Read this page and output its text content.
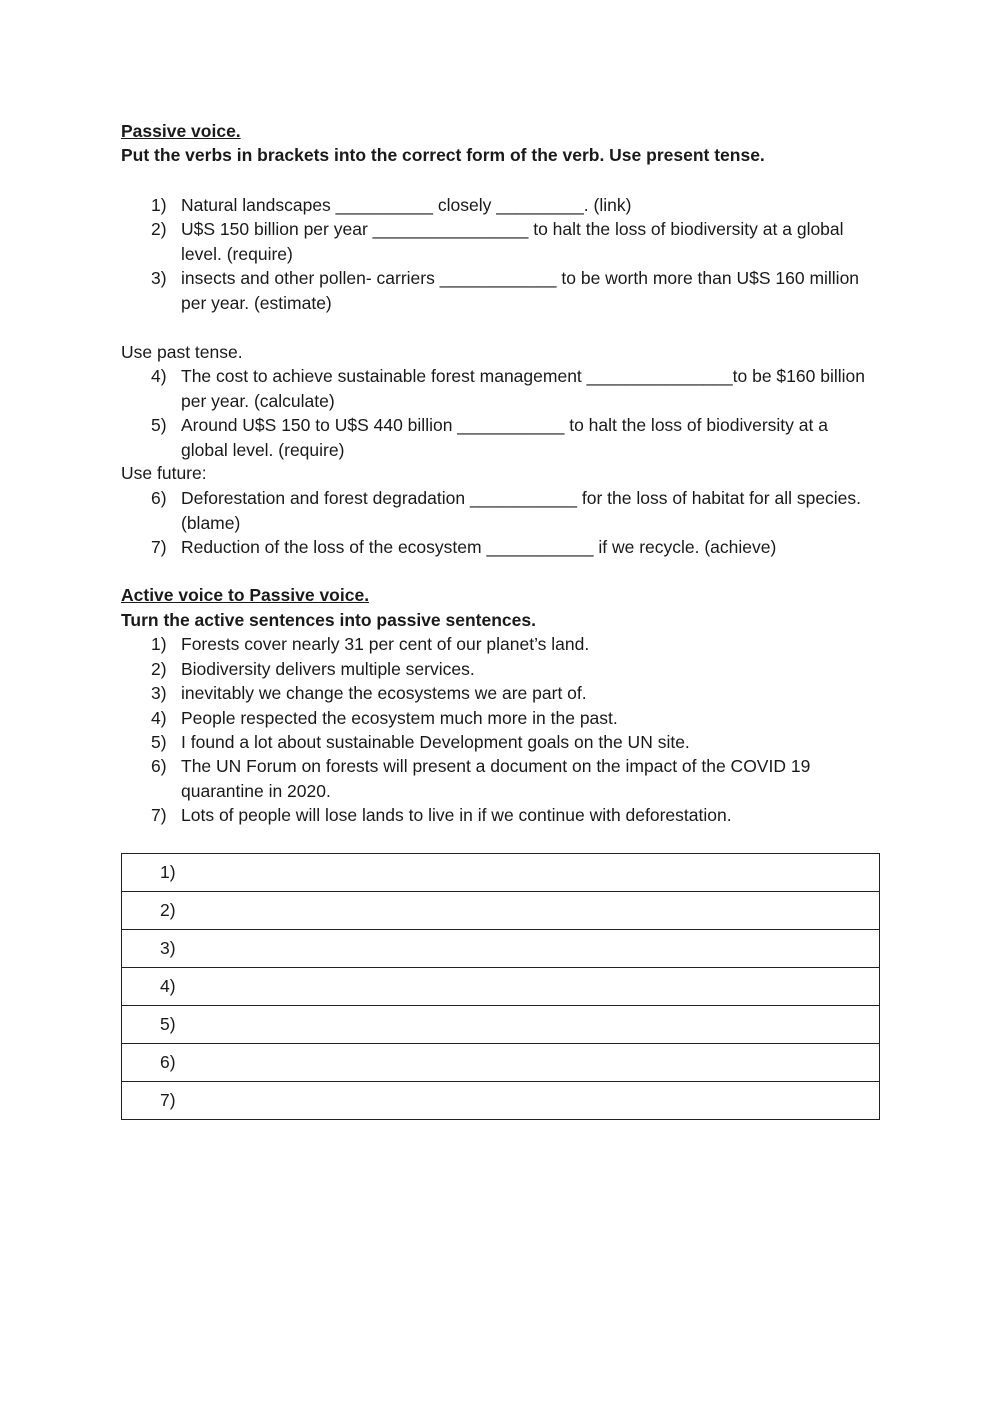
Passive voice.
Put the verbs in brackets into the correct form of the verb. Use present tense.
1) Natural landscapes __________ closely _________. (link)
2) U$S 150 billion per year ________________ to halt the loss of biodiversity at a global level. (require)
3) insects and other pollen- carriers ____________ to be worth more than U$S 160 million per year. (estimate)
Use past tense.
4) The cost to achieve sustainable forest management _______________to be $160 billion per year. (calculate)
5) Around U$S 150 to U$S 440 billion ___________ to halt the loss of biodiversity at a global level. (require)
Use future:
6) Deforestation and forest degradation ___________ for the loss of habitat for all species. (blame)
7) Reduction of the loss of the ecosystem ___________ if we recycle. (achieve)
Active voice to Passive voice.
Turn the active sentences into passive sentences.
1) Forests cover nearly 31 per cent of our planet’s land.
2) Biodiversity delivers multiple services.
3) inevitably we change the ecosystems we are part of.
4) People respected the ecosystem much more in the past.
5) I found a lot about sustainable Development goals on the UN site.
6) The UN Forum on forests will present a document on the impact of the COVID 19 quarantine in 2020.
7) Lots of people will lose lands to live in if we continue with deforestation.
1)
2)
3)
4)
5)
6)
7)
